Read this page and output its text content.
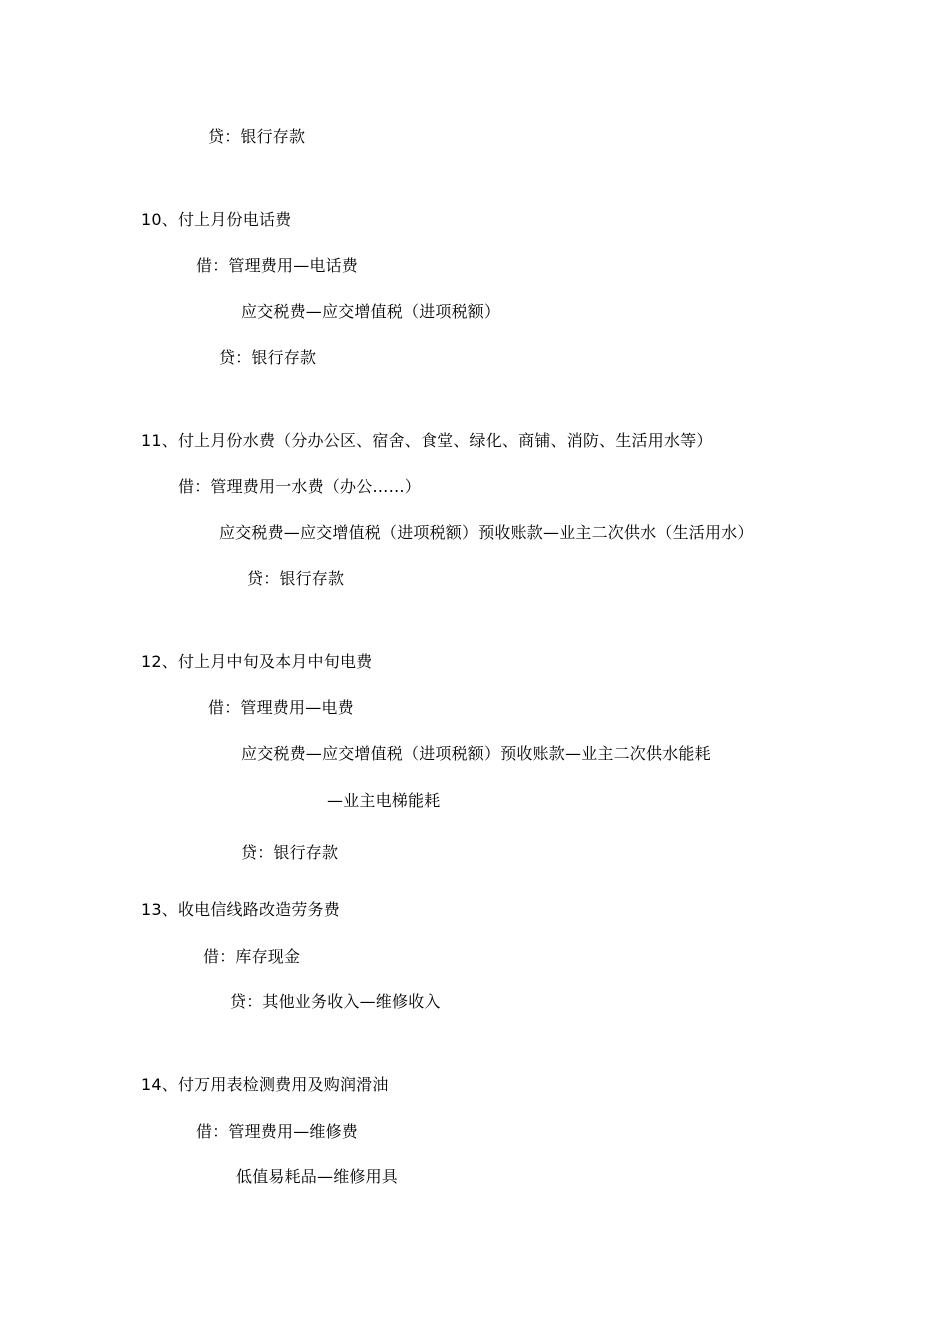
贷：银行存款
10、付上月份电话费
借：管理费用—电话费
应交税费—应交增值税（进项税额）
贷：银行存款
11、付上月份水费（分办公区、宿舍、食堂、绿化、商铺、消防、生活用水等）
借：管理费用一水费（办公……）
应交税费—应交增值税（进项税额）预收账款—业主二次供水（生活用水）
贷：银行存款
12、付上月中旬及本月中旬电费
借：管理费用—电费
应交税费—应交增值税（进项税额）预收账款—业主二次供水能耗
—业主电梯能耗
贷：银行存款
13、收电信线路改造劳务费
借：库存现金
贷：其他业务收入—维修收入
14、付万用表检测费用及购润滑油
借：管理费用—维修费
低值易耗品—维修用具
